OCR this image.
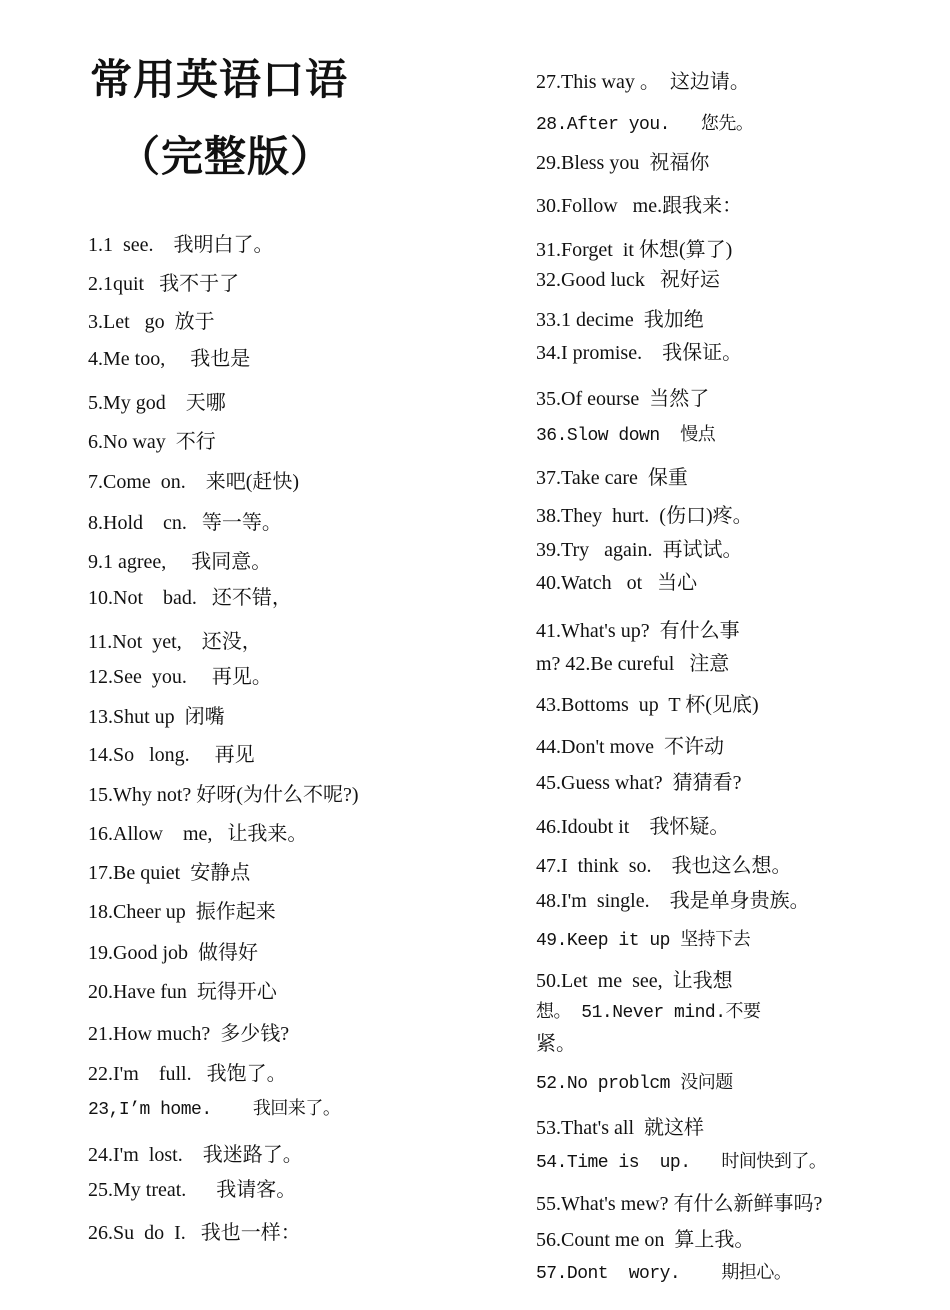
常用英语口语
（完整版）

1.1  see.    我明白了。

2.1quit   我不于了

3.Let   go  放于

4.Me too,     我也是

5.My god    天哪

6.No way  不行

7.Come  on.    来吧(赶快)

8.Hold    cn.   等一等。

9.1 agree,     我同意。

10.Not    bad.   还不错，

11.Not  yet,    还没，

12.See  you.     再见。

13.Shut up  闭嘴

14.So   long.     再见

15.Why not? 好呀(为什么不呢?)

16.Allow    me,   让我来。

17.Be quiet  安静点

18.Cheer up  振作起来

19.Good job  做得好

20.Have fun  玩得开心

21.How much?  多少钱?

22.I'm    full.   我饱了。

23,I’m home.    我回来了。

24.I'm  lost.    我迷路了。

25.My treat.      我请客。

26.Su  do  I.   我也一样：

27.This way 。  这边请。

28.After you.   您先。

29.Bless you  祝福你

30.Follow   me.跟我来：

31.Forget  it 休想(算了)

32.Good luck   祝好运

33.1 decime  我加绝

34.I promise.    我保证。

35.Of eourse  当然了

36.Slow down  慢点

37.Take care  保重

38.They  hurt.  (伤口)疼。

39.Try   again.  再试试。

40.Watch   ot   当心

41.What's up?  有什么事

m? 42.Be cureful   注意

43.Bottoms  up  T 杯(见底)

44.Don't move  不许动

45.Guess what?  猜猜看?

46.Idoubt it    我怀疑。

47.I  think  so.    我也这么想。

48.I'm  single.    我是单身贵族。

49.Keep it up 坚持下去

50.Let  me  see,  让我想

想。 51.Never mind.不要

紧。

52.No problcm 没问题

53.That's all  就这样

54.Time is  up.   时间快到了。

55.What's mew? 有什么新鲜事吗?

56.Count me on  算上我。

57.Dont  wory.    期担心。
